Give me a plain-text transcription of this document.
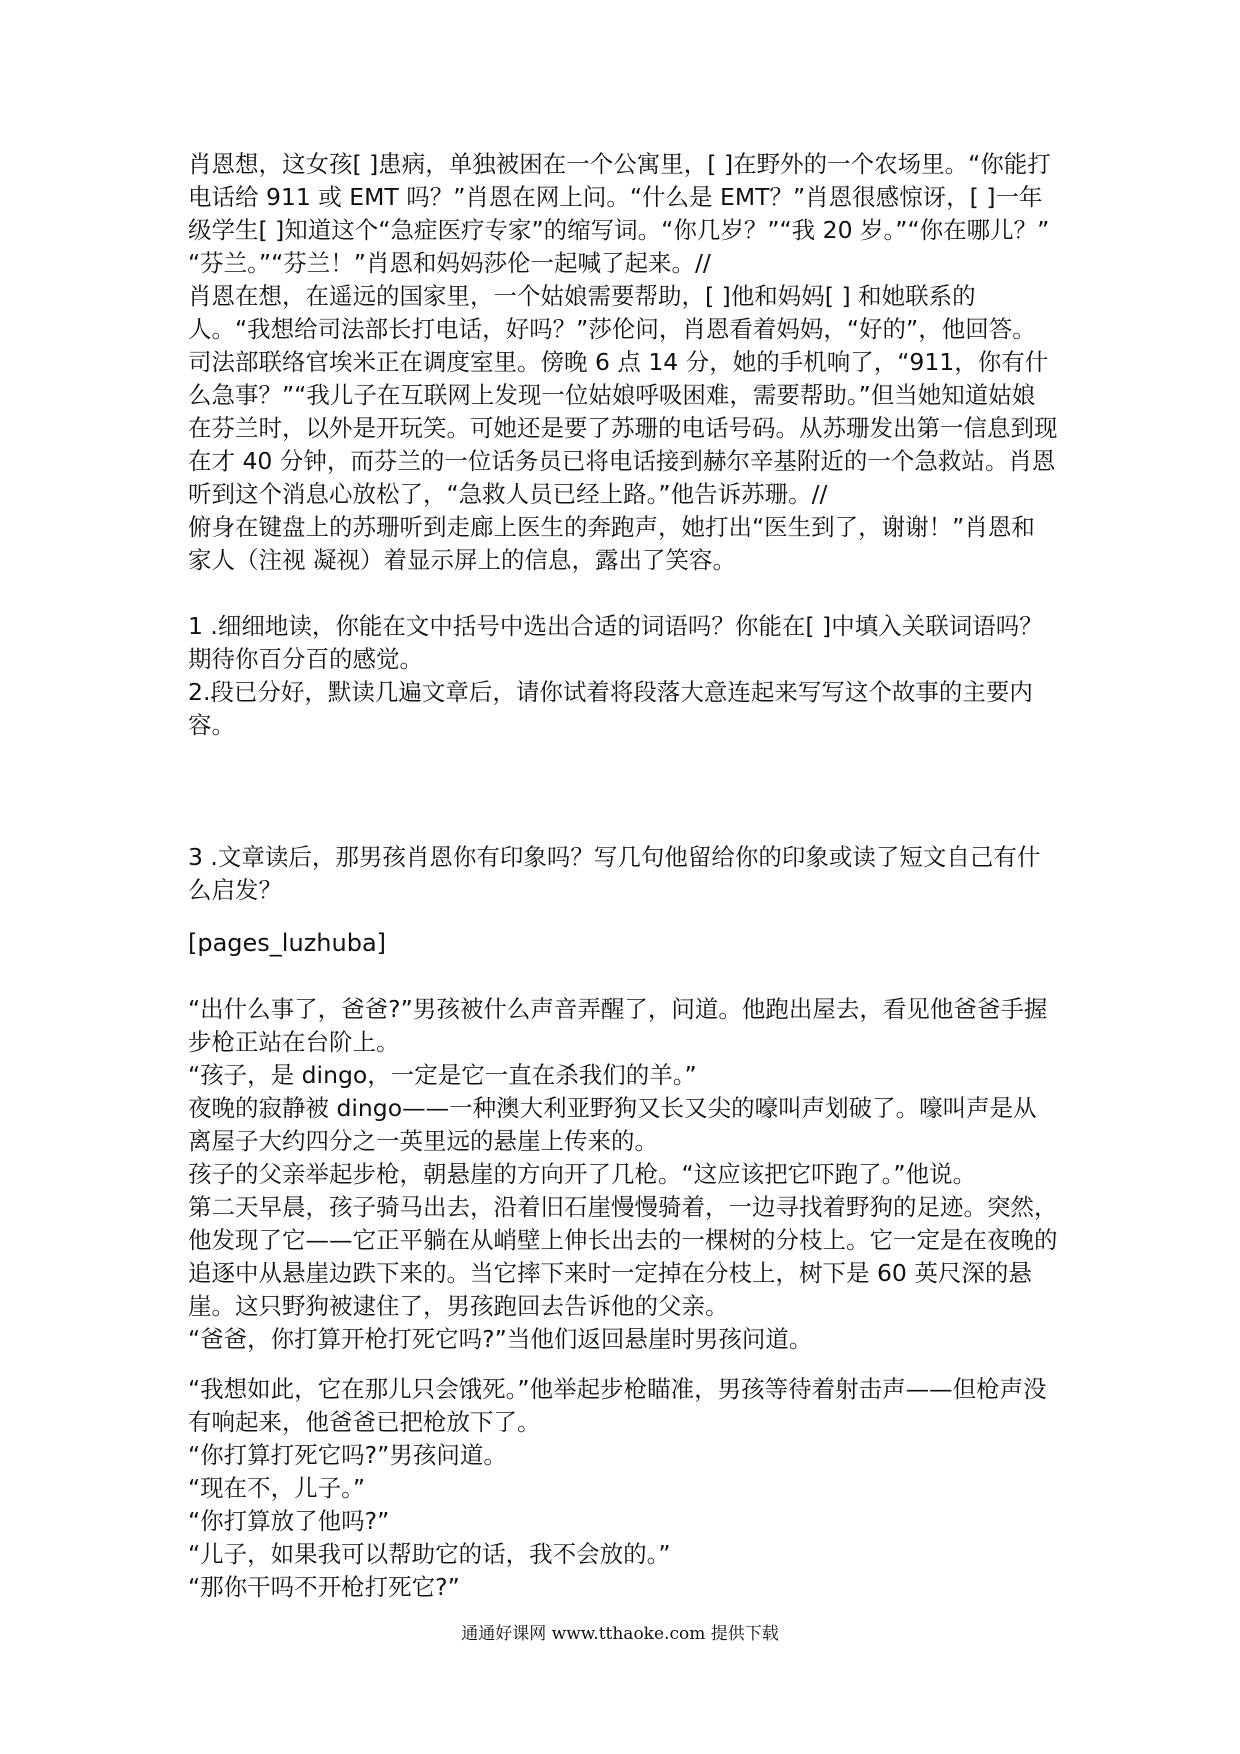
肖恩想，这女孩[ ]患病，单独被困在一个公寓里，[ ]在野外的一个农场里。“你能打电话给 911 或 EMT 吗？”肖恩在网上问。“什么是 EMT？”肖恩很感惊讶，[ ]一年级学生[ ]知道这个“急症医疗专家”的缩写词。“你几岁？”“我 20 岁。”“你在哪儿？” “芬兰。”“芬兰！”肖恩和妈妈莎伦一起喊了起来。//

肖恩在想，在遥远的国家里，一个姑娘需要帮助，[ ]他和妈妈[ ] 和她联系的人。“我想给司法部长打电话，好吗？”莎伦问，肖恩看着妈妈，“好的”，他回答。

司法部联络官埃米正在调度室里。傍晚 6 点 14 分，她的手机响了，“911，你有什么急事？”“我儿子在互联网上发现一位姑娘呼吸困难，需要帮助。”但当她知道姑娘在芬兰时，以外是开玩笑。可她还是要了苏珊的电话号码。从苏珊发出第一信息到现在才 40 分钟，而芬兰的一位话务员已将电话接到赫尔辛基附近的一个急救站。肖恩听到这个消息心放松了，“急救人员已经上路。”他告诉苏珊。//

俯身在键盘上的苏珊听到走廊上医生的奔跑声，她打出“医生到了，谢谢！”肖恩和家人（注视 凝视）着显示屏上的信息，露出了笑容。

1 .细细地读，你能在文中括号中选出合适的词语吗？你能在[ ]中填入关联词语吗？期待你百分百的感觉。

2.段已分好，默读几遍文章后，请你试着将段落大意连起来写写这个故事的主要内容。

3 .文章读后，那男孩肖恩你有印象吗？写几句他留给你的印象或读了短文自己有什么启发？

[pages_luzhuba]

“出什么事了，爸爸?”男孩被什么声音弄醒了，问道。他跑出屋去，看见他爸爸手握步枪正站在台阶上。

“孩子，是 dingo，一定是它一直在杀我们的羊。”

夜晚的寂静被 dingo——一种澳大利亚野狗又长又尖的嚎叫声划破了。嚎叫声是从离屋子大约四分之一英里远的悬崖上传来的。

孩子的父亲举起步枪，朝悬崖的方向开了几枪。“这应该把它吓跑了。”他说。

第二天早晨，孩子骑马出去，沿着旧石崖慢慢骑着，一边寻找着野狗的足迹。突然，他发现了它——它正平躺在从峭壁上伸长出去的一棵树的分枝上。它一定是在夜晚的追逐中从悬崖边跌下来的。当它摔下来时一定掉在分枝上，树下是 60 英尺深的悬崖。这只野狗被逮住了，男孩跑回去告诉他的父亲。

“爸爸，你打算开枪打死它吗?”当他们返回悬崖时男孩问道。

“我想如此，它在那儿只会饿死。”他举起步枪瞄准，男孩等待着射击声——但枪声没有响起来，他爸爸已把枪放下了。

“你打算打死它吗?”男孩问道。

“现在不，儿子。”

“你打算放了他吗?”

“儿子，如果我可以帮助它的话，我不会放的。”

“那你干吗不开枪打死它?”

通通好课网 www.tthaoke.com 提供下载
